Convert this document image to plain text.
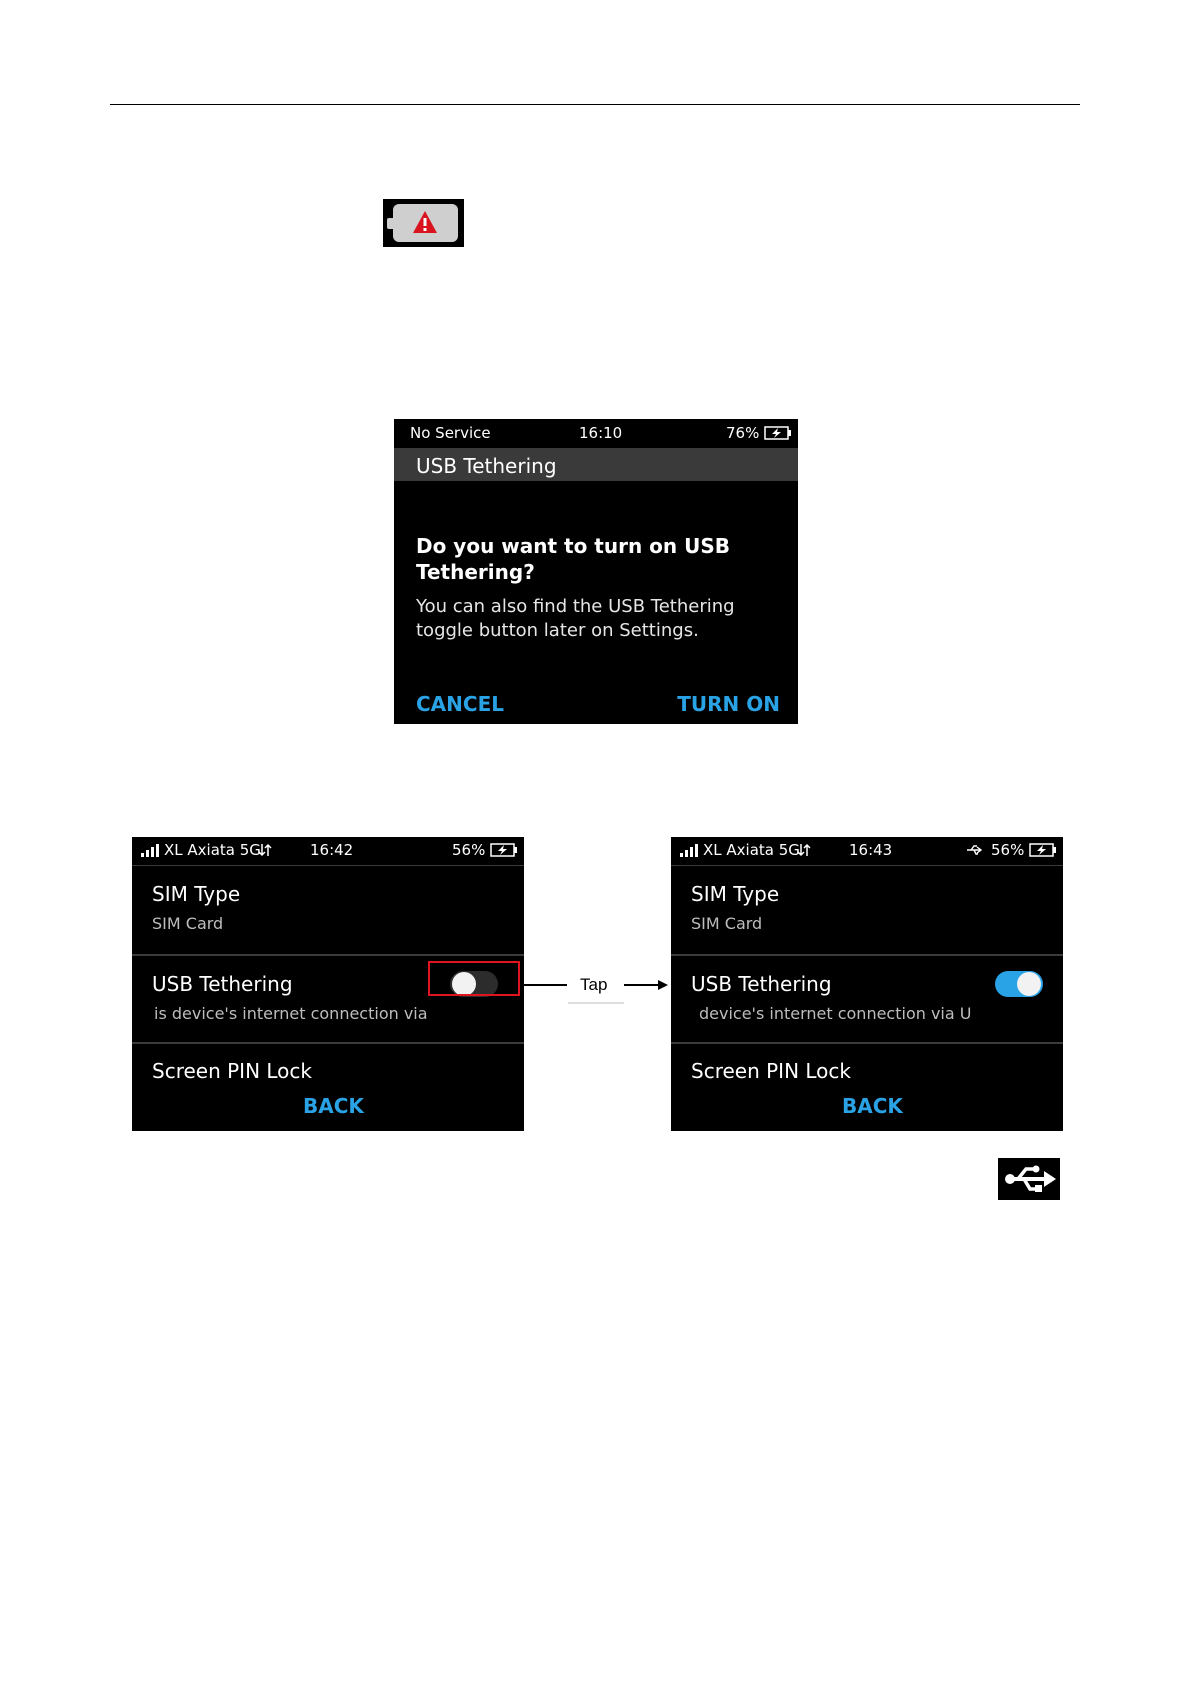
No Service	16:10	76%
USB Tethering
Do you want to turn on USB Tethering?
You can also find the USB Tethering toggle button later on Settings.
CANCEL	TURN ON
XL Axiata 5G	16:42	56%
SIM Type
SIM Card
USB Tethering
is device's internet connection via
Screen PIN Lock
BACK
Tap
XL Axiata 5G	16:43	56%
SIM Type
SIM Card
USB Tethering
device's internet connection via U
Screen PIN Lock
BACK
